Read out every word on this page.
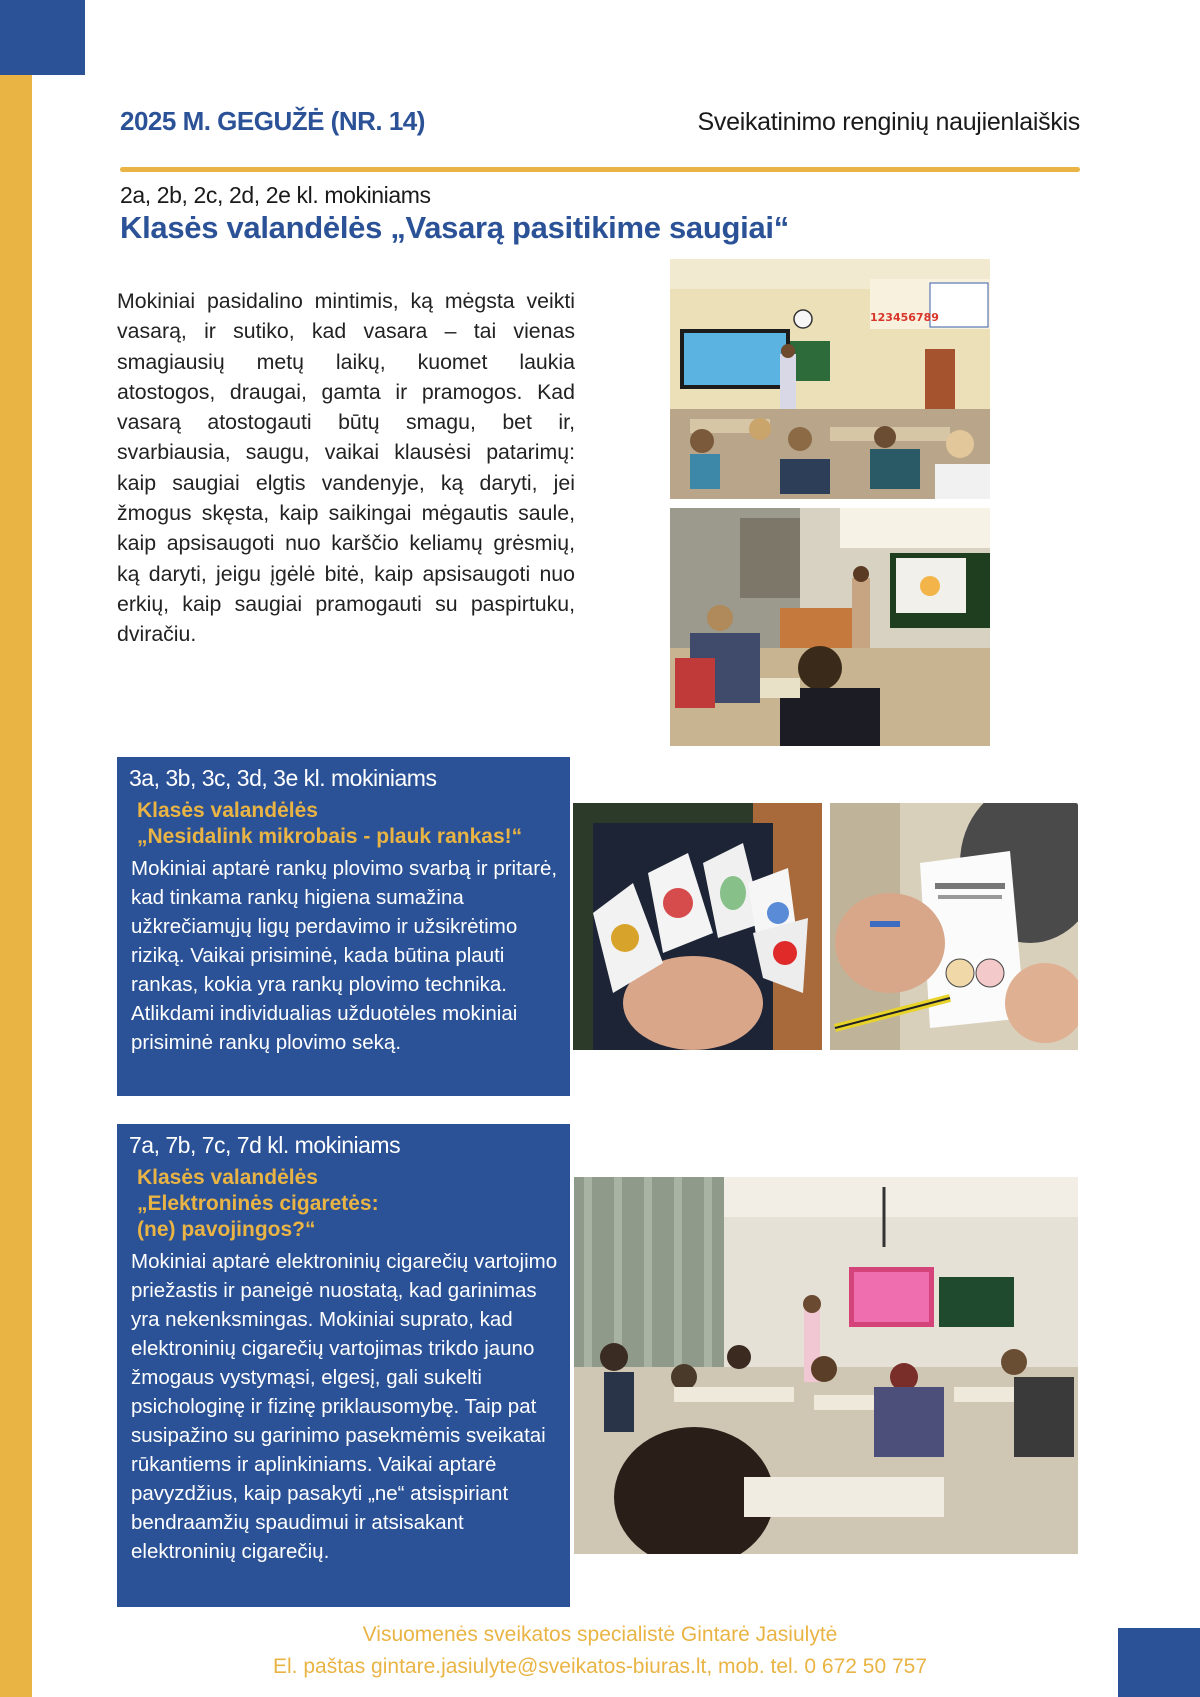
2025 M. GEGUŽĖ (NR. 14)	Sveikatinimo renginių naujienlaiškis
2a, 2b, 2c, 2d, 2e kl. mokiniams
Klasės valandėlės „Vasarą pasitikime saugiai“
Mokiniai pasidalino mintimis, ką mėgsta veikti vasarą, ir sutiko, kad vasara – tai vienas smagiausių metų laikų, kuomet laukia atostogos, draugai, gamta ir pramogos. Kad vasarą atostogauti būtų smagu, bet ir, svarbiausia, saugu, vaikai klausėsi patarimų: kaip saugiai elgtis vandenyje, ką daryti, jei žmogus skęsta, kaip saikingai mėgautis saule, kaip apsisaugoti nuo karščio keliamų grėsmių, ką daryti, jeigu įgėlė bitė, kaip apsisaugoti nuo erkių, kaip saugiai pramogauti su paspirtuku, dviračiu.
123456789
3a, 3b, 3c, 3d, 3e kl. mokiniams
Klasės valandėlės
„Nesidalink mikrobais - plauk rankas!“
Mokiniai aptarė rankų plovimo svarbą ir pritarė, kad tinkama rankų higiena sumažina užkrečiamųjų ligų perdavimo ir užsikrėtimo riziką. Vaikai prisiminė, kada būtina plauti rankas, kokia yra rankų plovimo technika. Atlikdami individualias užduotėles mokiniai prisiminė rankų plovimo seką.
7a, 7b, 7c, 7d kl. mokiniams
Klasės valandėlės
„Elektroninės cigaretės:
(ne) pavojingos?“
Mokiniai aptarė elektroninių cigarečių vartojimo priežastis ir paneigė nuostatą, kad garinimas yra nekenksmingas. Mokiniai suprato, kad elektroninių cigarečių vartojimas trikdo jauno žmogaus vystymąsi, elgesį, gali sukelti psichologinę ir fizinę priklausomybę. Taip pat susipažino su garinimo pasekmėmis sveikatai rūkantiems ir aplinkiniams. Vaikai aptarė pavyzdžius, kaip pasakyti „ne“ atsispiriant bendraamžių spaudimui ir atsisakant elektroninių cigarečių.
Visuomenės sveikatos specialistė Gintarė Jasiulytė
El. paštas gintare.jasiulyte@sveikatos-biuras.lt, mob. tel. 0 672 50 757
